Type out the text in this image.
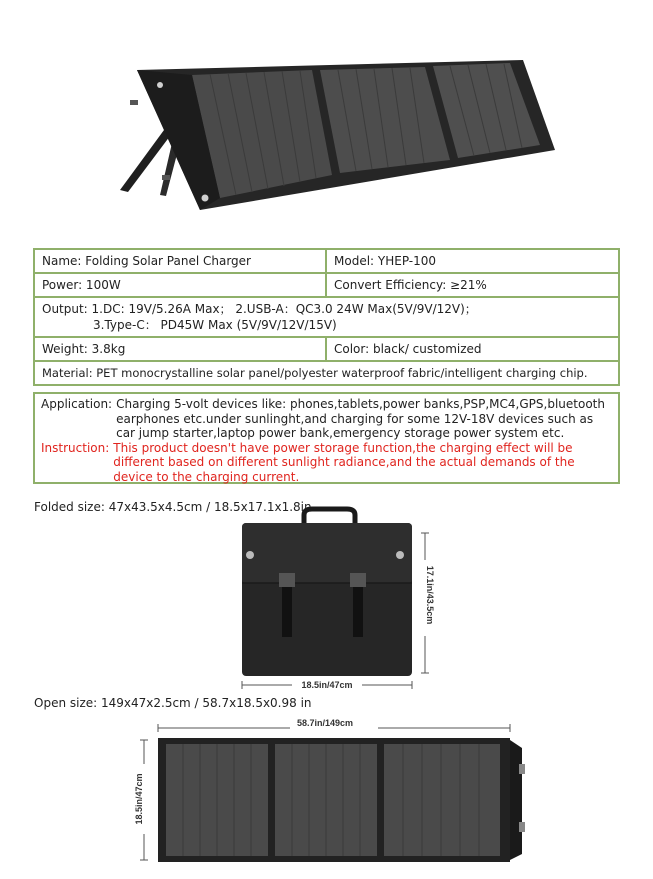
Name: Folding Solar Panel Charger	Model: YHEP-100
Power: 100W	Convert Efficiency: ≥21%
Output: 1.DC: 19V/5.26A Max； 2.USB-A：QC3.0 24W Max(5V/9V/12V)；
3.Type-C： PD45W Max (5V/9V/12V/15V)
Weight: 3.8kg	Color: black/ customized
Material: PET monocrystalline solar panel/polyester waterproof fabric/intelligent charging chip.
Application: Charging 5-volt devices like: phones,tablets,power banks,PSP,MC4,GPS,bluetooth earphones etc.under sunlinght,and charging for some 12V-18V devices such as car jump starter,laptop power bank,emergency storage power system etc.
Instruction: This product doesn't have power storage function,the charging effect will be different based on different sunlight radiance,and the actual demands of the device to the charging current.
Folded size: 47x43.5x4.5cm / 18.5x17.1x1.8in
18.5in/47cm
17.1in/43.5cm
Open size: 149x47x2.5cm / 58.7x18.5x0.98 in
58.7in/149cm
18.5in/47cm
